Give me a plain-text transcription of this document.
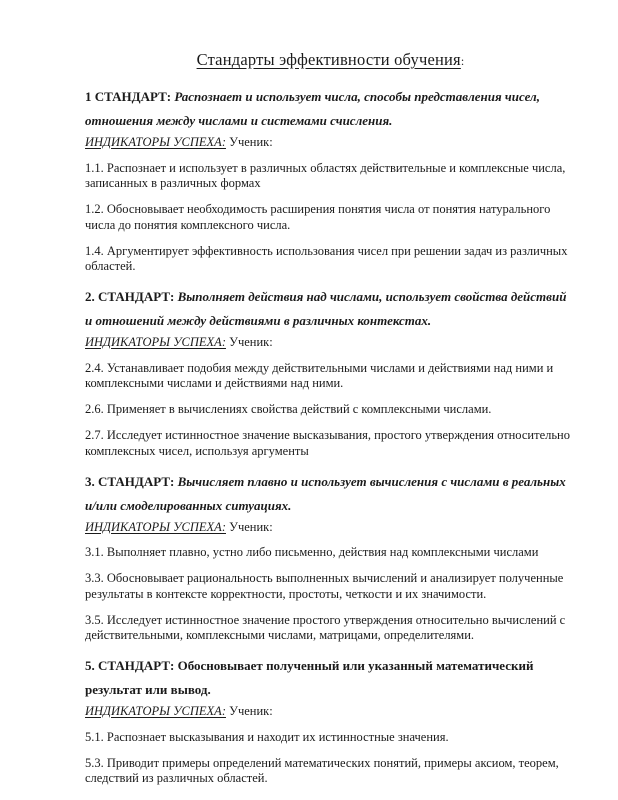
Стандарты эффективности обучения:

1 СТАНДАРТ: Распознает и использует числа, способы представления чисел, отношения между числами и системами счисления.

ИНДИКАТОРЫ УСПЕХА: Ученик:

1.1. Распознает и использует в различных областях действительные и комплексные числа, записанных в различных формах

1.2. Обосновывает необходимость расширения понятия числа от понятия натурального числа до понятия комплексного числа.

1.4. Аргументирует эффективность использования чисел при решении задач из различных областей.

2. СТАНДАРТ: Выполняет действия над числами, использует свойства действий и отношений между действиями в различных контекстах.

ИНДИКАТОРЫ УСПЕХА: Ученик:

2.4. Устанавливает подобия между действительными числами и действиями над ними и комплексными числами и действиями над ними.

2.6. Применяет в вычислениях свойства действий с комплексными числами.

2.7. Исследует истинностное значение высказывания, простого утверждения относительно комплексных чисел, используя аргументы

3. СТАНДАРТ: Вычисляет плавно и использует вычисления с числами в реальных и/или смоделированных ситуациях.

ИНДИКАТОРЫ УСПЕХА: Ученик:

3.1. Выполняет плавно, устно либо письменно, действия над комплексными числами

3.3. Обосновывает рациональность выполненных вычислений и анализирует полученные результаты в контексте корректности, простоты, четкости и их значимости.

3.5. Исследует истинностное значение простого утверждения относительно вычислений с действительными, комплексными числами, матрицами, определителями.

5. СТАНДАРТ: Обосновывает полученный или указанный математический результат или вывод.

ИНДИКАТОРЫ УСПЕХА: Ученик:

5.1. Распознает высказывания и находит их истинностные значения.

5.3. Приводит примеры определений математических понятий, примеры аксиом, теорем, следствий из различных областей.
